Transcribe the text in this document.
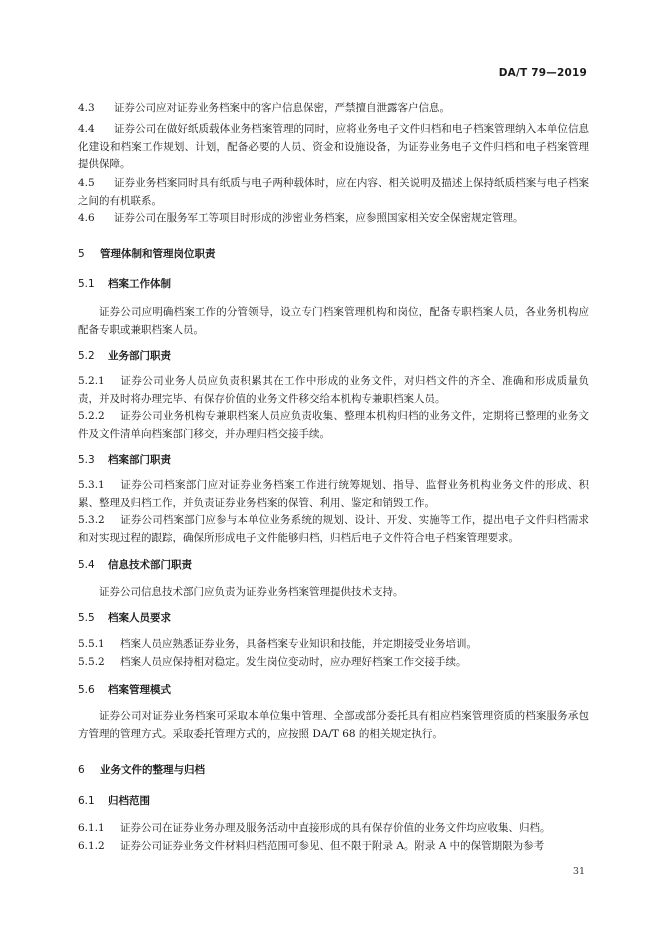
DA/T 79—2019

4.3 证券公司应对证券业务档案中的客户信息保密，严禁擅自泄露客户信息。

4.4 证券公司在做好纸质载体业务档案管理的同时，应将业务电子文件归档和电子档案管理纳入本单位信息化建设和档案工作规划、计划，配备必要的人员、资金和设施设备，为证券业务电子文件归档和电子档案管理提供保障。

4.5 证券业务档案同时具有纸质与电子两种载体时，应在内容、相关说明及描述上保持纸质档案与电子档案之间的有机联系。

4.6 证券公司在服务军工等项目时形成的涉密业务档案，应参照国家相关安全保密规定管理。

5 管理体制和管理岗位职责

5.1 档案工作体制

证券公司应明确档案工作的分管领导，设立专门档案管理机构和岗位，配备专职档案人员，各业务机构应配备专职或兼职档案人员。

5.2 业务部门职责

5.2.1 证券公司业务人员应负责积累其在工作中形成的业务文件，对归档文件的齐全、准确和形成质量负责，并及时将办理完毕、有保存价值的业务文件移交给本机构专兼职档案人员。

5.2.2 证券公司业务机构专兼职档案人员应负责收集、整理本机构归档的业务文件，定期将已整理的业务文件及文件清单向档案部门移交，并办理归档交接手续。

5.3 档案部门职责

5.3.1 证券公司档案部门应对证券业务档案工作进行统筹规划、指导、监督业务机构业务文件的形成、积累、整理及归档工作，并负责证券业务档案的保管、利用、鉴定和销毁工作。

5.3.2 证券公司档案部门应参与本单位业务系统的规划、设计、开发、实施等工作，提出电子文件归档需求和对实现过程的跟踪，确保所形成电子文件能够归档，归档后电子文件符合电子档案管理要求。

5.4 信息技术部门职责

证券公司信息技术部门应负责为证券业务档案管理提供技术支持。

5.5 档案人员要求

5.5.1 档案人员应熟悉证券业务，具备档案专业知识和技能，并定期接受业务培训。

5.5.2 档案人员应保持相对稳定。发生岗位变动时，应办理好档案工作交接手续。

5.6 档案管理模式

证券公司对证券业务档案可采取本单位集中管理、全部或部分委托具有相应档案管理资质的档案服务承包方管理的管理方式。采取委托管理方式的，应按照 DA/T 68 的相关规定执行。

6 业务文件的整理与归档

6.1 归档范围

6.1.1 证券公司在证券业务办理及服务活动中直接形成的具有保存价值的业务文件均应收集、归档。

6.1.2 证券公司证券业务文件材料归档范围可参见、但不限于附录 A。附录 A 中的保管期限为参考

31
